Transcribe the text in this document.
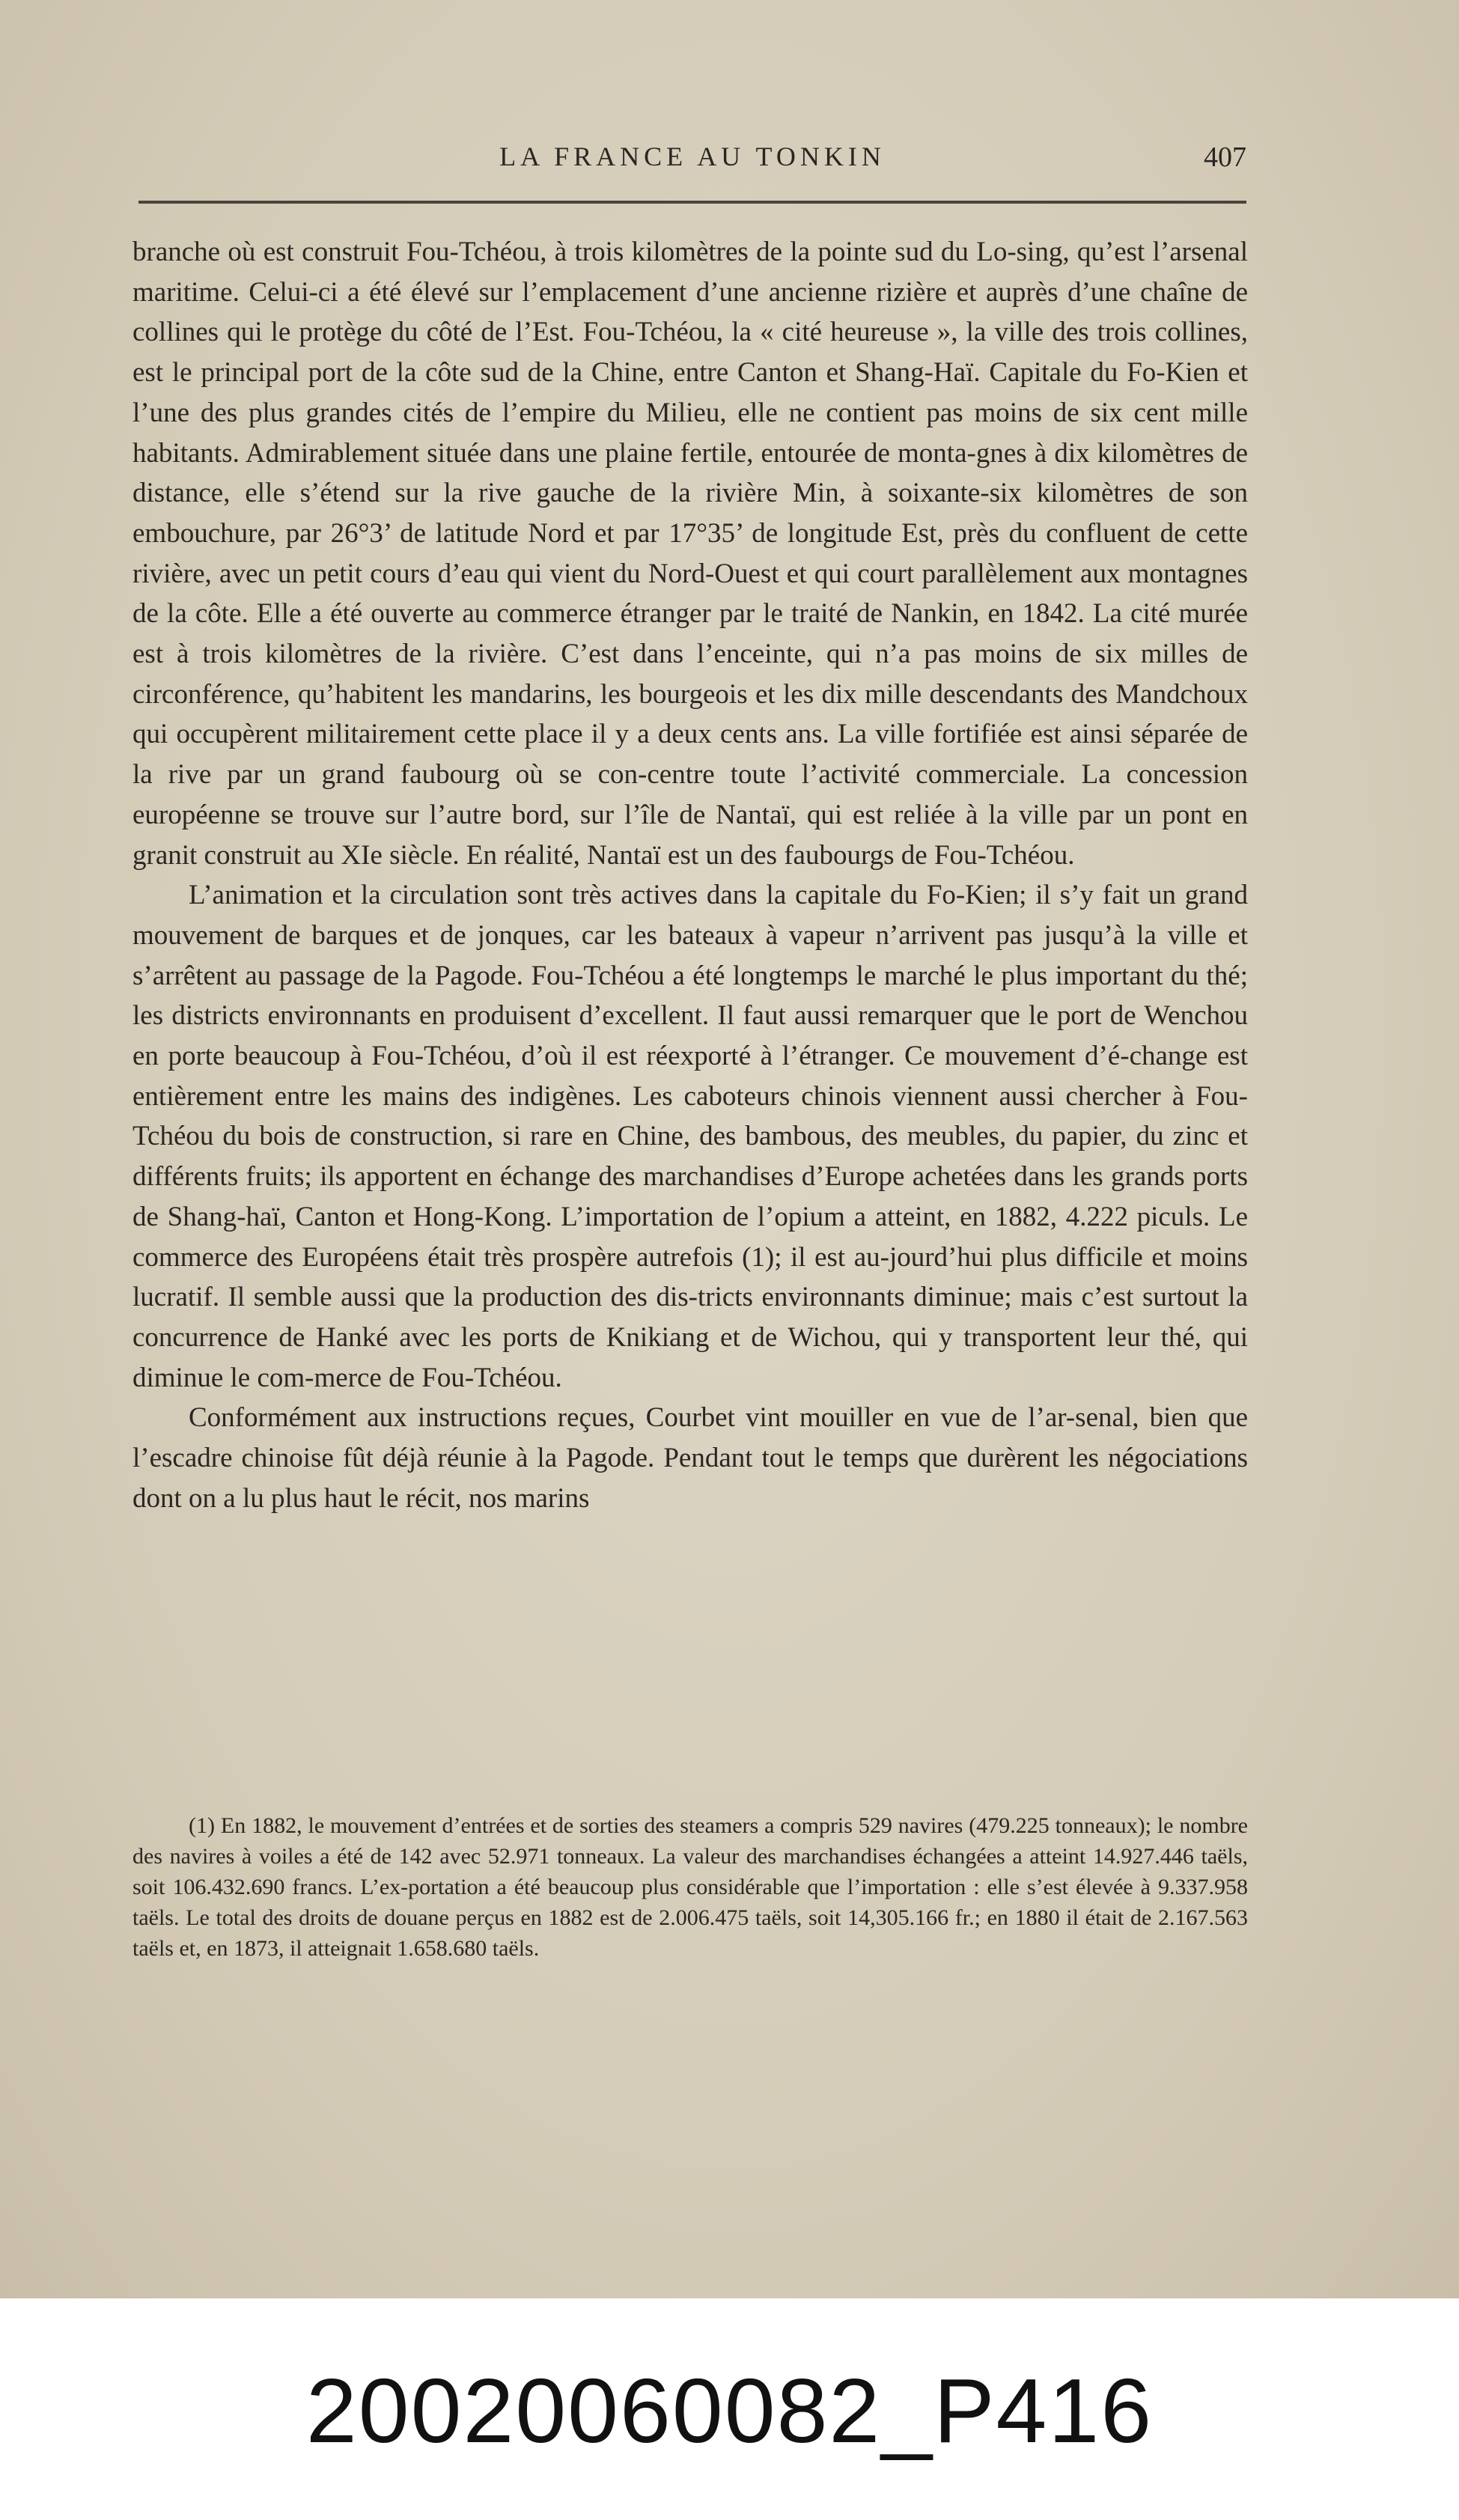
LA FRANCE AU TONKIN	407

branche où est construit Fou-Tchéou, à trois kilomètres de la pointe sud du Lo-sing, qu’est l’arsenal maritime. Celui-ci a été élevé sur l’emplacement d’une ancienne rizière et auprès d’une chaîne de collines qui le protège du côté de l’Est. Fou-Tchéou, la « cité heureuse », la ville des trois collines, est le principal port de la côte sud de la Chine, entre Canton et Shang-Haï. Capitale du Fo-Kien et l’une des plus grandes cités de l’empire du Milieu, elle ne contient pas moins de six cent mille habitants. Admirablement située dans une plaine fertile, entourée de monta-gnes à dix kilomètres de distance, elle s’étend sur la rive gauche de la rivière Min, à soixante-six kilomètres de son embouchure, par 26°3’ de latitude Nord et par 17°35’ de longitude Est, près du confluent de cette rivière, avec un petit cours d’eau qui vient du Nord-Ouest et qui court parallèlement aux montagnes de la côte. Elle a été ouverte au commerce étranger par le traité de Nankin, en 1842. La cité murée est à trois kilomètres de la rivière. C’est dans l’enceinte, qui n’a pas moins de six milles de circonférence, qu’habitent les mandarins, les bourgeois et les dix mille descendants des Mandchoux qui occupèrent militairement cette place il y a deux cents ans. La ville fortifiée est ainsi séparée de la rive par un grand faubourg où se con-centre toute l’activité commerciale. La concession européenne se trouve sur l’autre bord, sur l’île de Nantaï, qui est reliée à la ville par un pont en granit construit au XIe siècle. En réalité, Nantaï est un des faubourgs de Fou-Tchéou.

L’animation et la circulation sont très actives dans la capitale du Fo-Kien; il s’y fait un grand mouvement de barques et de jonques, car les bateaux à vapeur n’arrivent pas jusqu’à la ville et s’arrêtent au passage de la Pagode. Fou-Tchéou a été longtemps le marché le plus important du thé; les districts environnants en produisent d’excellent. Il faut aussi remarquer que le port de Wenchou en porte beaucoup à Fou-Tchéou, d’où il est réexporté à l’étranger. Ce mouvement d’é-change est entièrement entre les mains des indigènes. Les caboteurs chinois viennent aussi chercher à Fou-Tchéou du bois de construction, si rare en Chine, des bambous, des meubles, du papier, du zinc et différents fruits; ils apportent en échange des marchandises d’Europe achetées dans les grands ports de Shang-haï, Canton et Hong-Kong. L’importation de l’opium a atteint, en 1882, 4.222 piculs. Le commerce des Européens était très prospère autrefois (1); il est au-jourd’hui plus difficile et moins lucratif. Il semble aussi que la production des dis-tricts environnants diminue; mais c’est surtout la concurrence de Hanké avec les ports de Knikiang et de Wichou, qui y transportent leur thé, qui diminue le com-merce de Fou-Tchéou.

Conformément aux instructions reçues, Courbet vint mouiller en vue de l’ar-senal, bien que l’escadre chinoise fût déjà réunie à la Pagode. Pendant tout le temps que durèrent les négociations dont on a lu plus haut le récit, nos marins

(1) En 1882, le mouvement d’entrées et de sorties des steamers a compris 529 navires (479.225 tonneaux); le nombre des navires à voiles a été de 142 avec 52.971 tonneaux. La valeur des marchandises échangées a atteint 14.927.446 taëls, soit 106.432.690 francs. L’ex-portation a été beaucoup plus considérable que l’importation : elle s’est élevée à 9.337.958 taëls. Le total des droits de douane perçus en 1882 est de 2.006.475 taëls, soit 14,305.166 fr.; en 1880 il était de 2.167.563 taëls et, en 1873, il atteignait 1.658.680 taëls.

20020060082_P416
